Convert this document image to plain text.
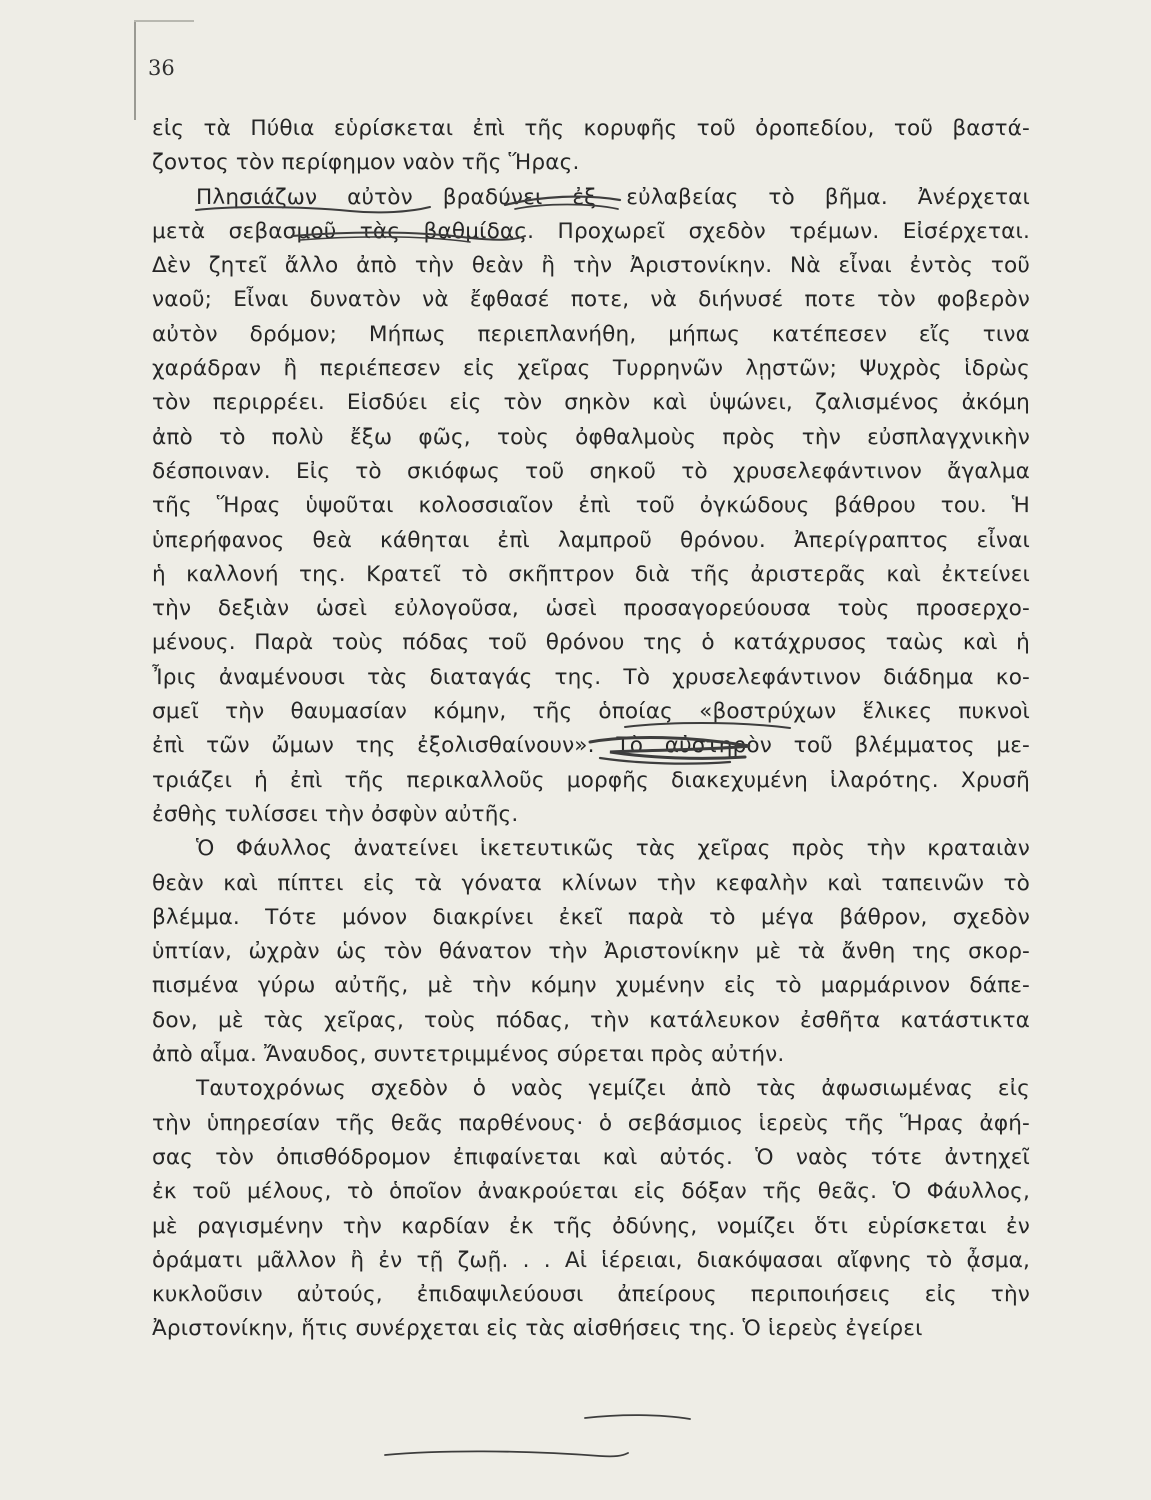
36

εἰς τὰ Πύθια εὑρίσκεται ἐπὶ τῆς κορυφῆς τοῦ ὀροπεδίου, τοῦ βαστά-

ζοντος τὸν περίφημον ναὸν τῆς Ἥρας.

Πλησιάζων αὐτὸν βραδύνει ἐξ εὐλαβείας τὸ βῆμα. Ἀνέρχεται

μετὰ σεβασμοῦ τὰς βαθμίδας. Προχωρεῖ σχεδὸν τρέμων. Εἰσέρχεται.

Δὲν ζητεῖ ἄλλο ἀπὸ τὴν θεὰν ἢ τὴν Ἀριστονίκην. Νὰ εἶναι ἐντὸς τοῦ

ναοῦ; Εἶναι δυνατὸν νὰ ἔφθασέ ποτε, νὰ διήνυσέ ποτε τὸν φοβερὸν

αὐτὸν δρόμον; Μήπως περιεπλανήθη, μήπως κατέπεσεν εἴς τινα

χαράδραν ἢ περιέπεσεν εἰς χεῖρας Τυρρηνῶν λῃστῶν; Ψυχρὸς ἱδρὼς

τὸν περιρρέει. Εἰσδύει εἰς τὸν σηκὸν καὶ ὑψώνει, ζαλισμένος ἀκόμη

ἀπὸ τὸ πολὺ ἔξω φῶς, τοὺς ὀφθαλμοὺς πρὸς τὴν εὐσπλαγχνικὴν

δέσποιναν. Εἰς τὸ σκιόφως τοῦ σηκοῦ τὸ χρυσελεφάντινον ἄγαλμα

τῆς Ἥρας ὑψοῦται κολοσσιαῖον ἐπὶ τοῦ ὀγκώδους βάθρου του. Ἡ

ὑπερήφανος θεὰ κάθηται ἐπὶ λαμπροῦ θρόνου. Ἀπερίγραπτος εἶναι

ἡ καλλονή της. Κρατεῖ τὸ σκῆπτρον διὰ τῆς ἀριστερᾶς καὶ ἐκτείνει

τὴν δεξιὰν ὡσεὶ εὐλογοῦσα, ὡσεὶ προσαγορεύουσα τοὺς προσερχο-

μένους. Παρὰ τοὺς πόδας τοῦ θρόνου της ὁ κατάχρυσος ταὼς καὶ ἡ

Ἶρις ἀναμένουσι τὰς διαταγάς της. Τὸ χρυσελεφάντινον διάδημα κο-

σμεῖ τὴν θαυμασίαν κόμην, τῆς ὁποίας «βοστρύχων ἕλικες πυκνοὶ

ἐπὶ τῶν ὤμων της ἐξολισθαίνουν». Τὸ αὐστηρὸν τοῦ βλέμματος με-

τριάζει ἡ ἐπὶ τῆς περικαλλοῦς μορφῆς διακεχυμένη ἱλαρότης. Χρυσῆ

ἐσθὴς τυλίσσει τὴν ὀσφὺν αὐτῆς.

Ὁ Φάυλλος ἀνατείνει ἱκετευτικῶς τὰς χεῖρας πρὸς τὴν κραταιὰν

θεὰν καὶ πίπτει εἰς τὰ γόνατα κλίνων τὴν κεφαλὴν καὶ ταπεινῶν τὸ

βλέμμα. Τότε μόνον διακρίνει ἐκεῖ παρὰ τὸ μέγα βάθρον, σχεδὸν

ὑπτίαν, ὠχρὰν ὡς τὸν θάνατον τὴν Ἀριστονίκην μὲ τὰ ἄνθη της σκορ-

πισμένα γύρω αὐτῆς, μὲ τὴν κόμην χυμένην εἰς τὸ μαρμάρινον δάπε-

δον, μὲ τὰς χεῖρας, τοὺς πόδας, τὴν κατάλευκον ἐσθῆτα κατάστικτα

ἀπὸ αἷμα. Ἄναυδος, συντετριμμένος σύρεται πρὸς αὐτήν.

Ταυτοχρόνως σχεδὸν ὁ ναὸς γεμίζει ἀπὸ τὰς ἀφωσιωμένας εἰς

τὴν ὑπηρεσίαν τῆς θεᾶς παρθένους· ὁ σεβάσμιος ἱερεὺς τῆς Ἥρας ἀφή-

σας τὸν ὀπισθόδρομον ἐπιφαίνεται καὶ αὐτός. Ὁ ναὸς τότε ἀντηχεῖ

ἐκ τοῦ μέλους, τὸ ὁποῖον ἀνακρούεται εἰς δόξαν τῆς θεᾶς. Ὁ Φάυλλος,

μὲ ραγισμένην τὴν καρδίαν ἐκ τῆς ὀδύνης, νομίζει ὅτι εὑρίσκεται ἐν

ὁράματι μᾶλλον ἢ ἐν τῇ ζωῇ. . . Αἱ ἱέρειαι, διακόψασαι αἴφνης τὸ ᾆσμα,

κυκλοῦσιν αὐτούς, ἐπιδαψιλεύουσι ἀπείρους περιποιήσεις εἰς τὴν

Ἀριστονίκην, ἥτις συνέρχεται εἰς τὰς αἰσθήσεις της. Ὁ ἱερεὺς ἐγείρει
